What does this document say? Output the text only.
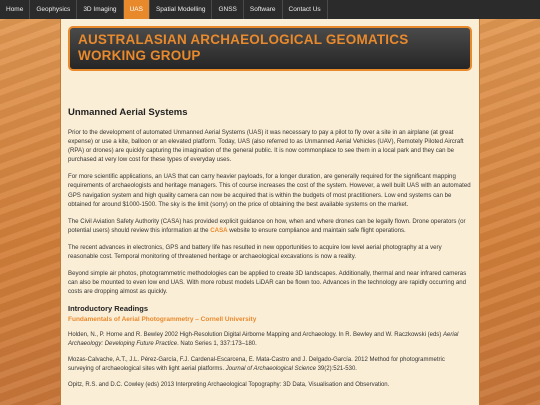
Home	Geophysics	3D Imaging	UAS	Spatial Modelling	GNSS	Software	Contact Us
AUSTRALASIAN ARCHAEOLOGICAL GEOMATICS
WORKING GROUP
Unmanned Aerial Systems

Prior to the development of automated Unmanned Aerial Systems (UAS) it was necessary to pay a pilot to fly over a site in an airplane (at great expense) or use a kite, balloon or an elevated platform. Today, UAS (also referred to as Unmanned Aerial Vehicles (UAV), Remotely Piloted Aircraft (RPA) or drones) are quickly capturing the imagination of the general public. It is now commonplace to see them in a local park and they can be purchased at very low cost for these types of everyday uses.

For more scientific applications, an UAS that can carry heavier payloads, for a longer duration, are generally required for the significant mapping requirements of archaeologists and heritage managers. This of course increases the cost of the system. However, a well built UAS with an automated GPS navigation system and high quality camera can now be acquired that is within the budgets of most practitioners. Low end systems can be obtained for around $1000-1500. The sky is the limit (sorry) on the price of obtaining the best available systems on the market.

The Civil Aviation Safety Authority (CASA) has provided explicit guidance on how, when and where drones can be legally flown. Drone operators (or potential users) should review this information at the CASA website to ensure compliance and maintain safe flight operations.

The recent advances in electronics, GPS and battery life has resulted in new opportunities to acquire low level aerial photography at a very reasonable cost. Temporal monitoring of threatened heritage or archaeological excavations is now a reality.

Beyond simple air photos, photogrammetric methodologies can be applied to create 3D landscapes. Additionally, thermal and near infrared cameras can also be mounted to even low end UAS. With more robust models LiDAR can be flown too. Advances in the technology are rapidly occurring and costs are dropping almost as quickly.

Introductory Readings
Fundamentals of Aerial Photogrammetry – Cornell University
Holden, N., P. Horne and R. Bewley 2002 High-Resolution Digital Airborne Mapping and Archaeology. In R. Bewley and W. Raczkowski (eds) Aerial Archaeology: Developing Future Practice. Nato Series 1, 337:173–180.
Mozas-Calvache, A.T., J.L. Pérez-García, F.J. Cardenal-Escarcena, E. Mata-Castro and J. Delgado-García. 2012 Method for photogrammetric surveying of archaeological sites with light aerial platforms. Journal of Archaeological Science 39(2):521-530.
Opitz, R.S. and D.C. Cowley (eds) 2013 Interpreting Archaeological Topography: 3D Data, Visualisation and Observation.
